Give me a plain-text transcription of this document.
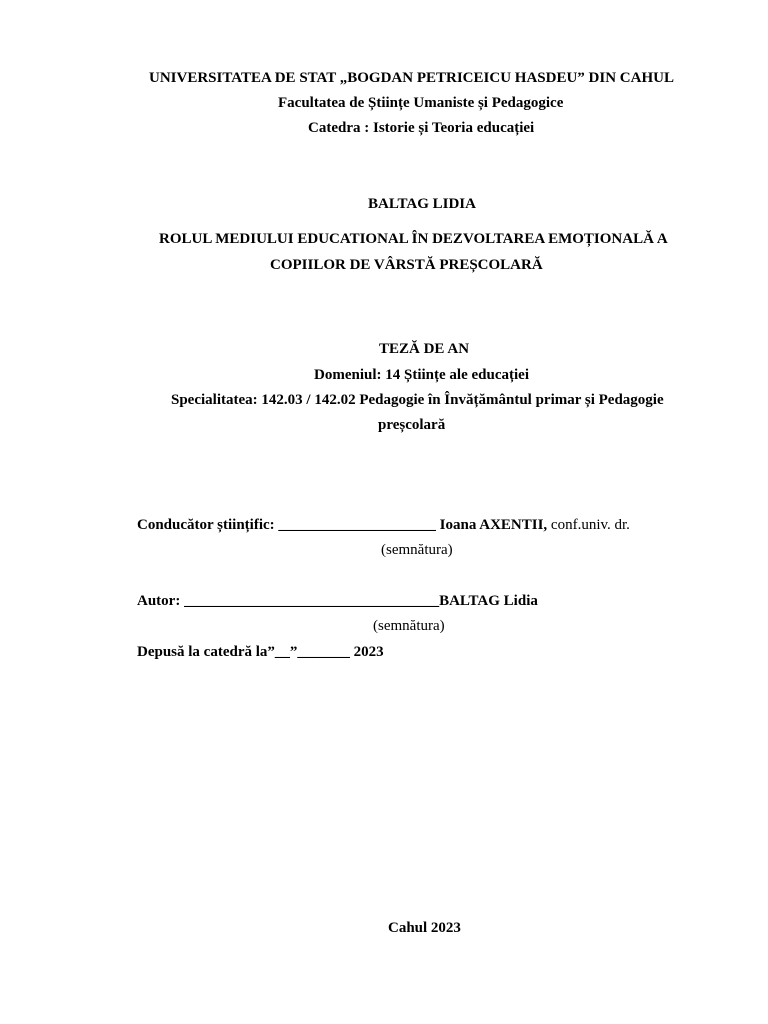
UNIVERSITATEA DE STAT „BOGDAN PETRICEICU HASDEU” DIN CAHUL
Facultatea de Științe Umaniste și Pedagogice
Catedra : Istorie și Teoria educației
BALTAG LIDIA
ROLUL MEDIULUI EDUCATIONAL ÎN DEZVOLTAREA EMOȚIONALĂ A
COPIILOR DE VÂRSTĂ PREȘCOLARĂ
TEZĂ DE AN
Domeniul: 14 Științe ale educației
Specialitatea: 142.03 / 142.02 Pedagogie în Învățământul primar și Pedagogie
preșcolară
Conducător științific: _____________________ Ioana AXENTII, conf.univ. dr.
(semnătura)
Autor: __________________________________BALTAG Lidia
(semnătura)
Depusă la catedră la”__”_______ 2023
Cahul 2023
